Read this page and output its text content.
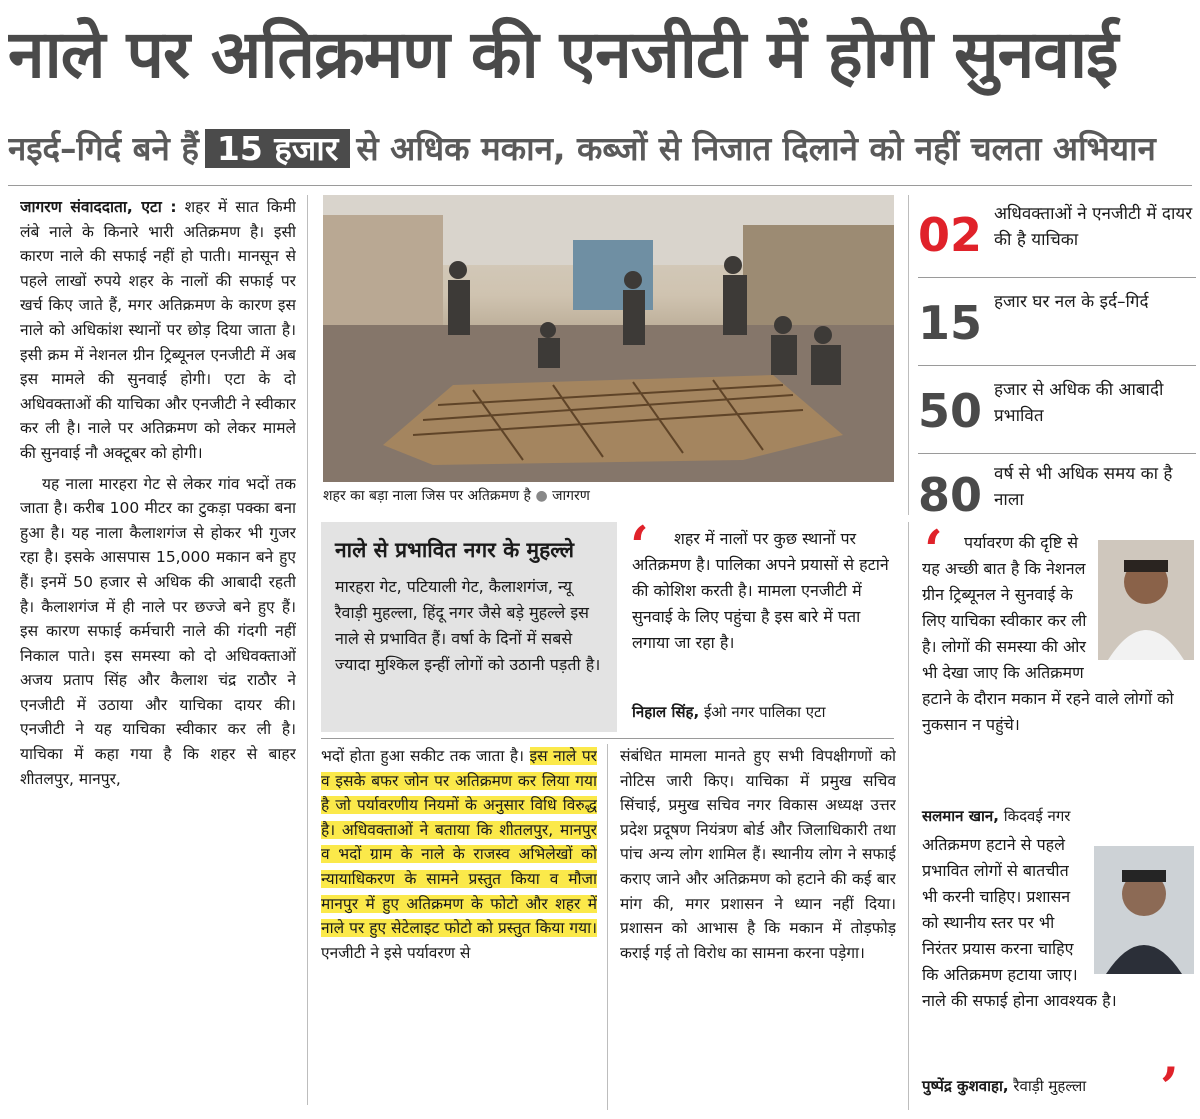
नाले पर अतिक्रमण की एनजीटी में होगी सुनवाई
नइर्द–गिर्द बने हैं 15 हजार से अधिक मकान, कब्जों से निजात दिलाने को नहीं चलता अभियान

जागरण संवाददाता, एटा : शहर में सात किमी लंबे नाले के किनारे भारी अतिक्रमण है। इसी कारण नाले की सफाई नहीं हो पाती। मानसून से पहले लाखों रुपये शहर के नालों की सफाई पर खर्च किए जाते हैं, मगर अतिक्रमण के कारण इस नाले को अधिकांश स्थानों पर छोड़ दिया जाता है। इसी क्रम में नेशनल ग्रीन ट्रिब्यूनल एनजीटी में अब इस मामले की सुनवाई होगी। एटा के दो अधिवक्ताओं की याचिका और एनजीटी ने स्वीकार कर ली है। नाले पर अतिक्रमण को लेकर मामले की सुनवाई नौ अक्टूबर को होगी।

यह नाला मारहरा गेट से लेकर गांव भदों तक जाता है। करीब 100 मीटर का टुकड़ा पक्का बना हुआ है। यह नाला कैलाशगंज से होकर भी गुजर रहा है। इसके आसपास 15,000 मकान बने हुए हैं। इनमें 50 हजार से अधिक की आबादी रहती है। कैलाशगंज में ही नाले पर छज्जे बने हुए हैं। इस कारण सफाई कर्मचारी नाले की गंदगी नहीं निकाल पाते। इस समस्या को दो अधिवक्ताओं अजय प्रताप सिंह और कैलाश चंद्र राठौर ने एनजीटी में उठाया और याचिका दायर की। एनजीटी ने यह याचिका स्वीकार कर ली है। याचिका में कहा गया है कि शहर से बाहर शीतलपुर, मानपुर,

शहर का बड़ा नाला जिस पर अतिक्रमण है ● जागरण
02 अधिवक्ताओं ने एनजीटी में दायर की है याचिका
15 हजार घर नल के इर्द–गिर्द
50 हजार से अधिक की आबादी प्रभावित
80 वर्ष से भी अधिक समय का है नाला
नाले से प्रभावित नगर के मुहल्ले
मारहरा गेट, पटियाली गेट, कैलाशगंज, न्यू रैवाड़ी मुहल्ला, हिंदू नगर जैसे बड़े मुहल्ले इस नाले से प्रभावित हैं। वर्षा के दिनों में सबसे ज्यादा मुश्किल इन्हीं लोगों को उठानी पड़ती है।
‘	शहर में नालों पर कुछ स्थानों पर अतिक्रमण है। पालिका अपने प्रयासों से हटाने की कोशिश करती है। मामला एनजीटी में सुनवाई के लिए पहुंचा है इस बारे में पता लगाया जा रहा है।
निहाल सिंह, ईओ नगर पालिका एटा
भदों होता हुआ सकीट तक जाता है। इस नाले पर व इसके बफर जोन पर अतिक्रमण कर लिया गया है जो पर्यावरणीय नियमों के अनुसार विधि विरुद्ध है। अधिवक्ताओं ने बताया कि शीतलपुर, मानपुर व भदों ग्राम के नाले के राजस्व अभिलेखों को न्यायाधिकरण के सामने प्रस्तुत किया व मौजा मानपुर में हुए अतिक्रमण के फोटो और शहर में नाले पर हुए सेटेलाइट फोटो को प्रस्तुत किया गया। एनजीटी ने इसे पर्यावरण से
संबंधित मामला मानते हुए सभी विपक्षीगणों को नोटिस जारी किए। याचिका में प्रमुख सचिव सिंचाई, प्रमुख सचिव नगर विकास अध्यक्ष उत्तर प्रदेश प्रदूषण नियंत्रण बोर्ड और जिलाधिकारी तथा पांच अन्य लोग शामिल हैं। स्थानीय लोग ने सफाई कराए जाने और अतिक्रमण को हटाने की कई बार मांग की, मगर प्रशासन ने ध्यान नहीं दिया। प्रशासन को आभास है कि मकान में तोड़फोड़ कराई गई तो विरोध का सामना करना पड़ेगा।
‘	पर्यावरण की दृष्टि से यह अच्छी बात है कि नेशनल ग्रीन ट्रिब्यूनल ने सुनवाई के लिए याचिका स्वीकार कर ली है। लोगों की समस्या की ओर भी देखा जाए कि अतिक्रमण हटाने के दौरान मकान में रहने वाले लोगों को नुकसान न पहुंचे।
सलमान खान, किदवई नगर
अतिक्रमण हटाने से पहले प्रभावित लोगों से बातचीत भी करनी चाहिए। प्रशासन को स्थानीय स्तर पर भी निरंतर प्रयास करना चाहिए कि अतिक्रमण हटाया जाए। नाले की सफाई होना आवश्यक है।
पुष्पेंद्र कुशवाहा, रैवाड़ी मुहल्ला	’
